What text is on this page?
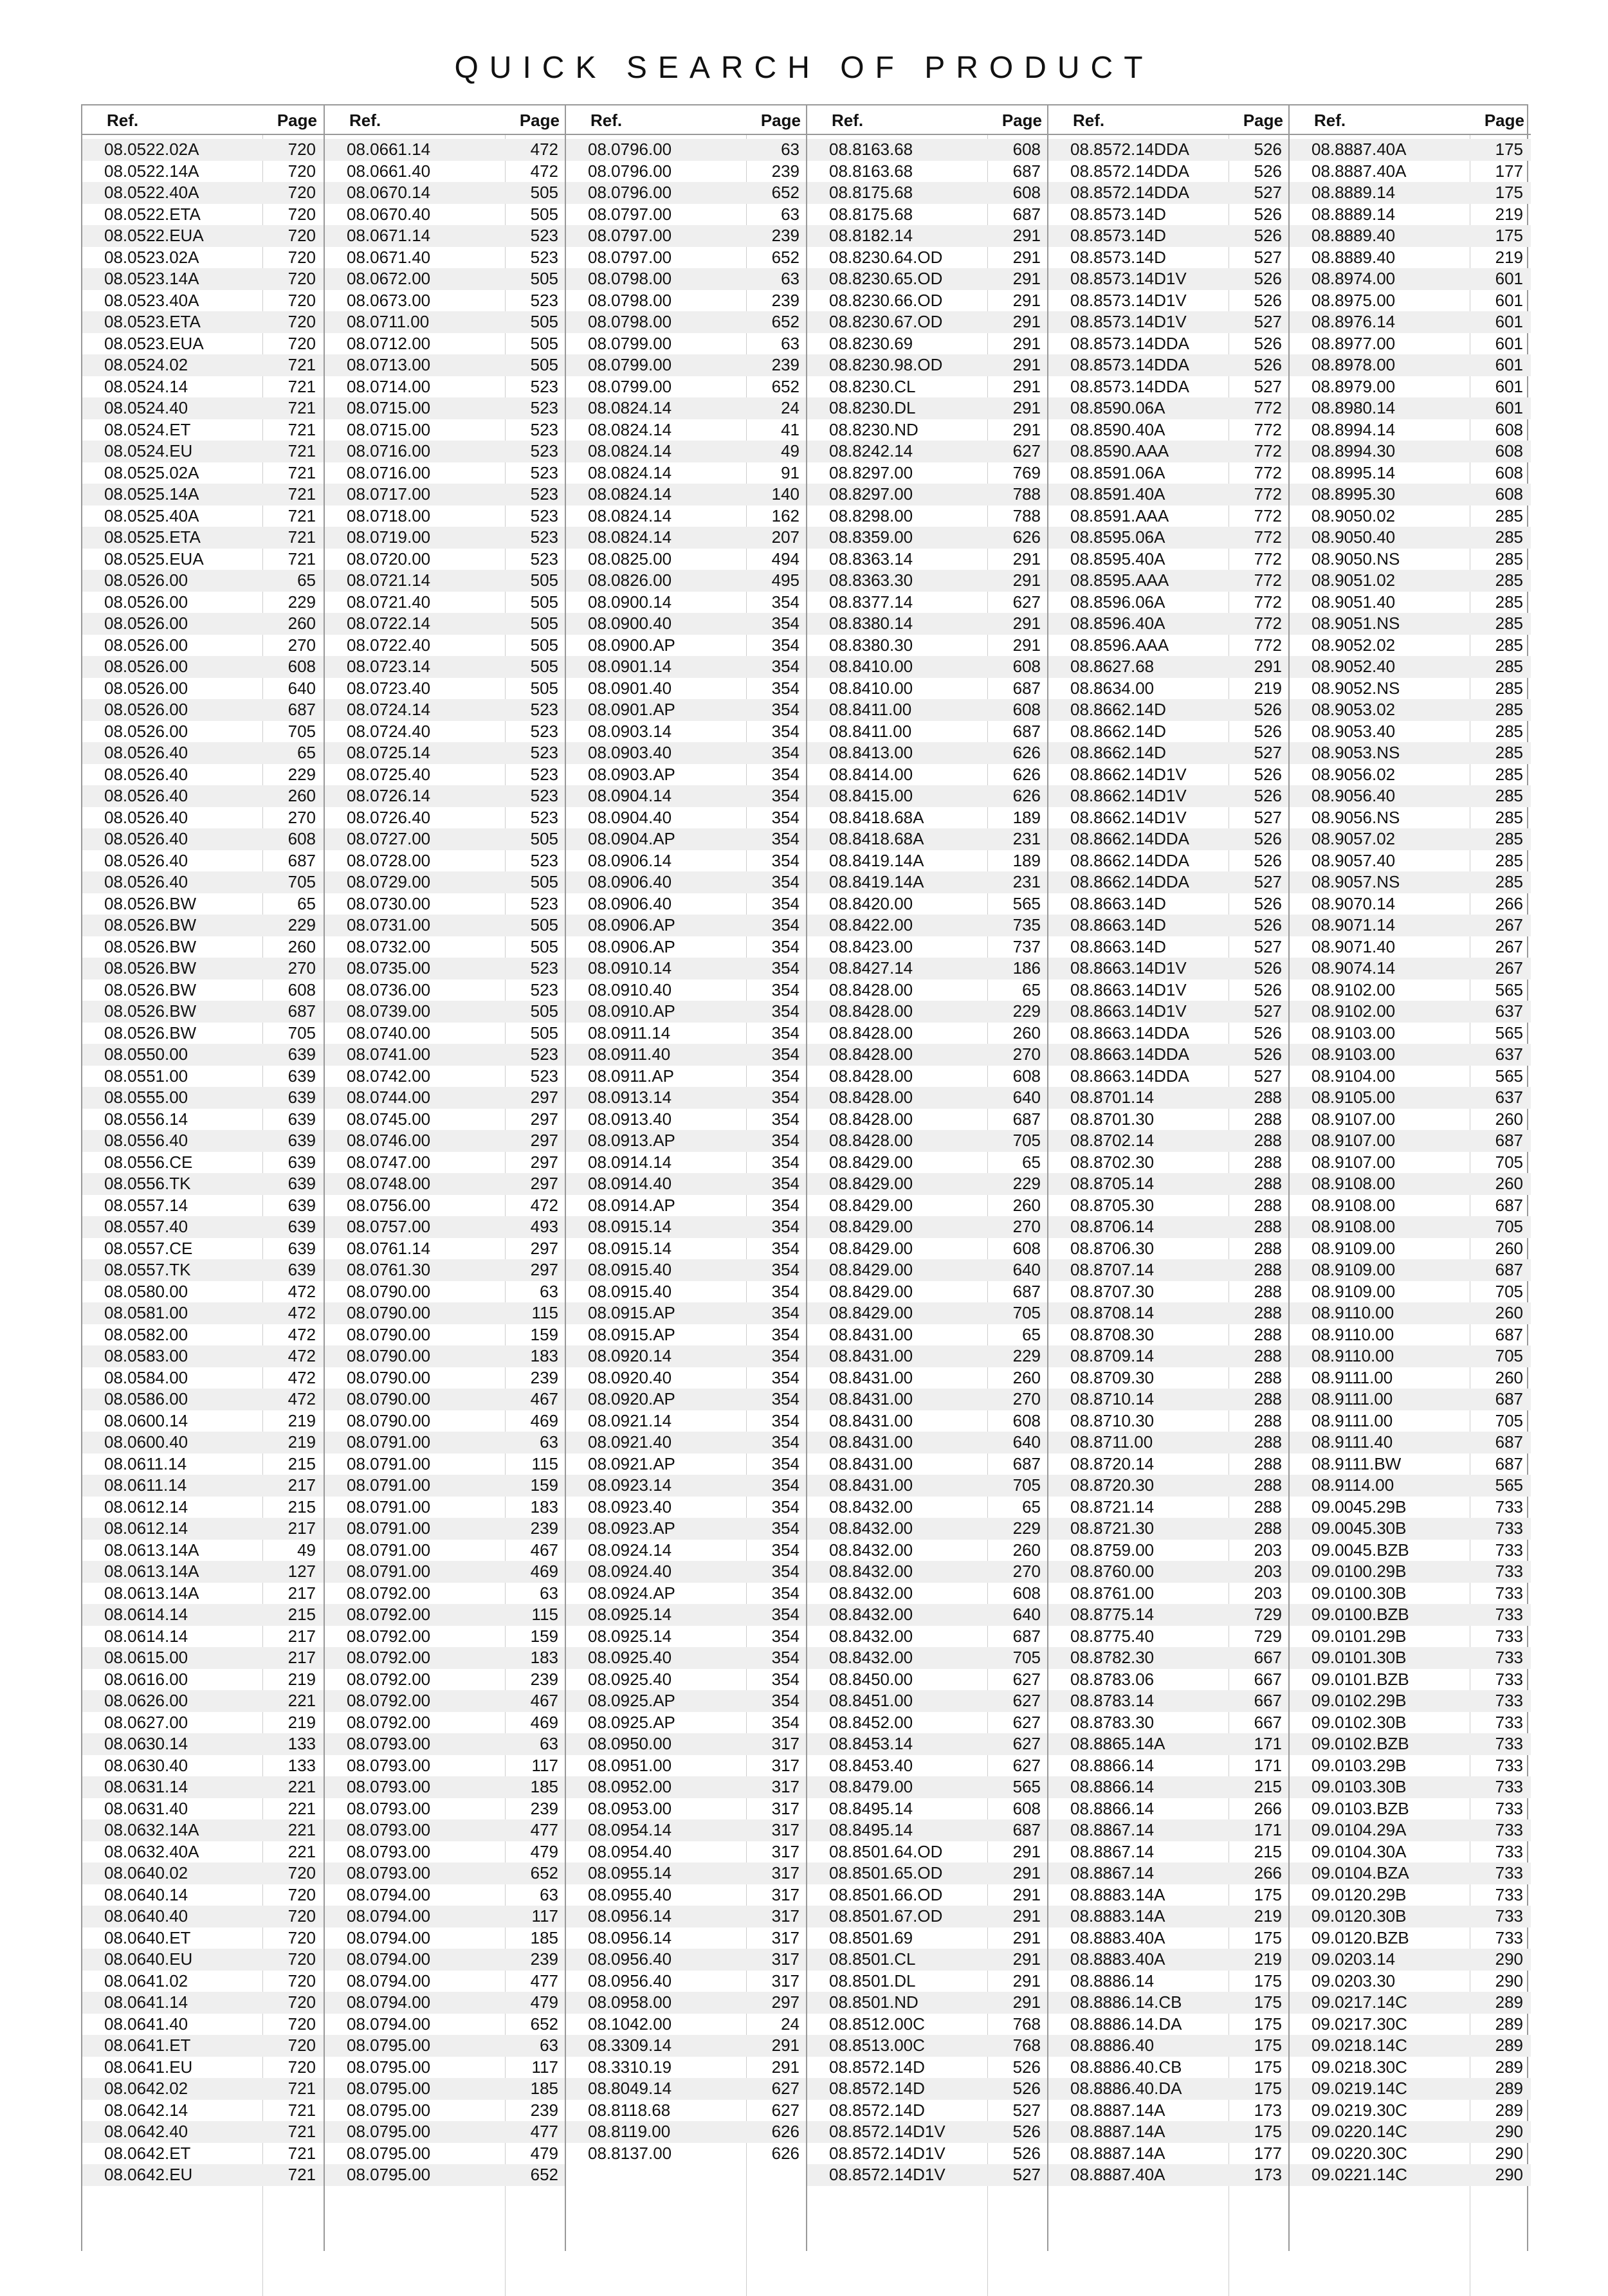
QUICK SEARCH OF PRODUCT
Ref.	Page
08.0522.02A	720
08.0522.14A	720
08.0522.40A	720
08.0522.ETA	720
08.0522.EUA	720
08.0523.02A	720
08.0523.14A	720
08.0523.40A	720
08.0523.ETA	720
08.0523.EUA	720
08.0524.02	721
08.0524.14	721
08.0524.40	721
08.0524.ET	721
08.0524.EU	721
08.0525.02A	721
08.0525.14A	721
08.0525.40A	721
08.0525.ETA	721
08.0525.EUA	721
08.0526.00	65
08.0526.00	229
08.0526.00	260
08.0526.00	270
08.0526.00	608
08.0526.00	640
08.0526.00	687
08.0526.00	705
08.0526.40	65
08.0526.40	229
08.0526.40	260
08.0526.40	270
08.0526.40	608
08.0526.40	687
08.0526.40	705
08.0526.BW	65
08.0526.BW	229
08.0526.BW	260
08.0526.BW	270
08.0526.BW	608
08.0526.BW	687
08.0526.BW	705
08.0550.00	639
08.0551.00	639
08.0555.00	639
08.0556.14	639
08.0556.40	639
08.0556.CE	639
08.0556.TK	639
08.0557.14	639
08.0557.40	639
08.0557.CE	639
08.0557.TK	639
08.0580.00	472
08.0581.00	472
08.0582.00	472
08.0583.00	472
08.0584.00	472
08.0586.00	472
08.0600.14	219
08.0600.40	219
08.0611.14	215
08.0611.14	217
08.0612.14	215
08.0612.14	217
08.0613.14A	49
08.0613.14A	127
08.0613.14A	217
08.0614.14	215
08.0614.14	217
08.0615.00	217
08.0616.00	219
08.0626.00	221
08.0627.00	219
08.0630.14	133
08.0630.40	133
08.0631.14	221
08.0631.40	221
08.0632.14A	221
08.0632.40A	221
08.0640.02	720
08.0640.14	720
08.0640.40	720
08.0640.ET	720
08.0640.EU	720
08.0641.02	720
08.0641.14	720
08.0641.40	720
08.0641.ET	720
08.0641.EU	720
08.0642.02	721
08.0642.14	721
08.0642.40	721
08.0642.ET	721
08.0642.EU	721
Ref.	Page
08.0661.14	472
08.0661.40	472
08.0670.14	505
08.0670.40	505
08.0671.14	523
08.0671.40	523
08.0672.00	505
08.0673.00	523
08.0711.00	505
08.0712.00	505
08.0713.00	505
08.0714.00	523
08.0715.00	523
08.0715.00	523
08.0716.00	523
08.0716.00	523
08.0717.00	523
08.0718.00	523
08.0719.00	523
08.0720.00	523
08.0721.14	505
08.0721.40	505
08.0722.14	505
08.0722.40	505
08.0723.14	505
08.0723.40	505
08.0724.14	523
08.0724.40	523
08.0725.14	523
08.0725.40	523
08.0726.14	523
08.0726.40	523
08.0727.00	505
08.0728.00	523
08.0729.00	505
08.0730.00	523
08.0731.00	505
08.0732.00	505
08.0735.00	523
08.0736.00	523
08.0739.00	505
08.0740.00	505
08.0741.00	523
08.0742.00	523
08.0744.00	297
08.0745.00	297
08.0746.00	297
08.0747.00	297
08.0748.00	297
08.0756.00	472
08.0757.00	493
08.0761.14	297
08.0761.30	297
08.0790.00	63
08.0790.00	115
08.0790.00	159
08.0790.00	183
08.0790.00	239
08.0790.00	467
08.0790.00	469
08.0791.00	63
08.0791.00	115
08.0791.00	159
08.0791.00	183
08.0791.00	239
08.0791.00	467
08.0791.00	469
08.0792.00	63
08.0792.00	115
08.0792.00	159
08.0792.00	183
08.0792.00	239
08.0792.00	467
08.0792.00	469
08.0793.00	63
08.0793.00	117
08.0793.00	185
08.0793.00	239
08.0793.00	477
08.0793.00	479
08.0793.00	652
08.0794.00	63
08.0794.00	117
08.0794.00	185
08.0794.00	239
08.0794.00	477
08.0794.00	479
08.0794.00	652
08.0795.00	63
08.0795.00	117
08.0795.00	185
08.0795.00	239
08.0795.00	477
08.0795.00	479
08.0795.00	652
Ref.	Page
08.0796.00	63
08.0796.00	239
08.0796.00	652
08.0797.00	63
08.0797.00	239
08.0797.00	652
08.0798.00	63
08.0798.00	239
08.0798.00	652
08.0799.00	63
08.0799.00	239
08.0799.00	652
08.0824.14	24
08.0824.14	41
08.0824.14	49
08.0824.14	91
08.0824.14	140
08.0824.14	162
08.0824.14	207
08.0825.00	494
08.0826.00	495
08.0900.14	354
08.0900.40	354
08.0900.AP	354
08.0901.14	354
08.0901.40	354
08.0901.AP	354
08.0903.14	354
08.0903.40	354
08.0903.AP	354
08.0904.14	354
08.0904.40	354
08.0904.AP	354
08.0906.14	354
08.0906.40	354
08.0906.40	354
08.0906.AP	354
08.0906.AP	354
08.0910.14	354
08.0910.40	354
08.0910.AP	354
08.0911.14	354
08.0911.40	354
08.0911.AP	354
08.0913.14	354
08.0913.40	354
08.0913.AP	354
08.0914.14	354
08.0914.40	354
08.0914.AP	354
08.0915.14	354
08.0915.14	354
08.0915.40	354
08.0915.40	354
08.0915.AP	354
08.0915.AP	354
08.0920.14	354
08.0920.40	354
08.0920.AP	354
08.0921.14	354
08.0921.40	354
08.0921.AP	354
08.0923.14	354
08.0923.40	354
08.0923.AP	354
08.0924.14	354
08.0924.40	354
08.0924.AP	354
08.0925.14	354
08.0925.14	354
08.0925.40	354
08.0925.40	354
08.0925.AP	354
08.0925.AP	354
08.0950.00	317
08.0951.00	317
08.0952.00	317
08.0953.00	317
08.0954.14	317
08.0954.40	317
08.0955.14	317
08.0955.40	317
08.0956.14	317
08.0956.14	317
08.0956.40	317
08.0956.40	317
08.0958.00	297
08.1042.00	24
08.3309.14	291
08.3310.19	291
08.8049.14	627
08.8118.68	627
08.8119.00	626
08.8137.00	626
Ref.	Page
08.8163.68	608
08.8163.68	687
08.8175.68	608
08.8175.68	687
08.8182.14	291
08.8230.64.OD	291
08.8230.65.OD	291
08.8230.66.OD	291
08.8230.67.OD	291
08.8230.69	291
08.8230.98.OD	291
08.8230.CL	291
08.8230.DL	291
08.8230.ND	291
08.8242.14	627
08.8297.00	769
08.8297.00	788
08.8298.00	788
08.8359.00	626
08.8363.14	291
08.8363.30	291
08.8377.14	627
08.8380.14	291
08.8380.30	291
08.8410.00	608
08.8410.00	687
08.8411.00	608
08.8411.00	687
08.8413.00	626
08.8414.00	626
08.8415.00	626
08.8418.68A	189
08.8418.68A	231
08.8419.14A	189
08.8419.14A	231
08.8420.00	565
08.8422.00	735
08.8423.00	737
08.8427.14	186
08.8428.00	65
08.8428.00	229
08.8428.00	260
08.8428.00	270
08.8428.00	608
08.8428.00	640
08.8428.00	687
08.8428.00	705
08.8429.00	65
08.8429.00	229
08.8429.00	260
08.8429.00	270
08.8429.00	608
08.8429.00	640
08.8429.00	687
08.8429.00	705
08.8431.00	65
08.8431.00	229
08.8431.00	260
08.8431.00	270
08.8431.00	608
08.8431.00	640
08.8431.00	687
08.8431.00	705
08.8432.00	65
08.8432.00	229
08.8432.00	260
08.8432.00	270
08.8432.00	608
08.8432.00	640
08.8432.00	687
08.8432.00	705
08.8450.00	627
08.8451.00	627
08.8452.00	627
08.8453.14	627
08.8453.40	627
08.8479.00	565
08.8495.14	608
08.8495.14	687
08.8501.64.OD	291
08.8501.65.OD	291
08.8501.66.OD	291
08.8501.67.OD	291
08.8501.69	291
08.8501.CL	291
08.8501.DL	291
08.8501.ND	291
08.8512.00C	768
08.8513.00C	768
08.8572.14D	526
08.8572.14D	526
08.8572.14D	527
08.8572.14D1V	526
08.8572.14D1V	526
08.8572.14D1V	527
Ref.	Page
08.8572.14DDA	526
08.8572.14DDA	526
08.8572.14DDA	527
08.8573.14D	526
08.8573.14D	526
08.8573.14D	527
08.8573.14D1V	526
08.8573.14D1V	526
08.8573.14D1V	527
08.8573.14DDA	526
08.8573.14DDA	526
08.8573.14DDA	527
08.8590.06A	772
08.8590.40A	772
08.8590.AAA	772
08.8591.06A	772
08.8591.40A	772
08.8591.AAA	772
08.8595.06A	772
08.8595.40A	772
08.8595.AAA	772
08.8596.06A	772
08.8596.40A	772
08.8596.AAA	772
08.8627.68	291
08.8634.00	219
08.8662.14D	526
08.8662.14D	526
08.8662.14D	527
08.8662.14D1V	526
08.8662.14D1V	526
08.8662.14D1V	527
08.8662.14DDA	526
08.8662.14DDA	526
08.8662.14DDA	527
08.8663.14D	526
08.8663.14D	526
08.8663.14D	527
08.8663.14D1V	526
08.8663.14D1V	526
08.8663.14D1V	527
08.8663.14DDA	526
08.8663.14DDA	526
08.8663.14DDA	527
08.8701.14	288
08.8701.30	288
08.8702.14	288
08.8702.30	288
08.8705.14	288
08.8705.30	288
08.8706.14	288
08.8706.30	288
08.8707.14	288
08.8707.30	288
08.8708.14	288
08.8708.30	288
08.8709.14	288
08.8709.30	288
08.8710.14	288
08.8710.30	288
08.8711.00	288
08.8720.14	288
08.8720.30	288
08.8721.14	288
08.8721.30	288
08.8759.00	203
08.8760.00	203
08.8761.00	203
08.8775.14	729
08.8775.40	729
08.8782.30	667
08.8783.06	667
08.8783.14	667
08.8783.30	667
08.8865.14A	171
08.8866.14	171
08.8866.14	215
08.8866.14	266
08.8867.14	171
08.8867.14	215
08.8867.14	266
08.8883.14A	175
08.8883.14A	219
08.8883.40A	175
08.8883.40A	219
08.8886.14	175
08.8886.14.CB	175
08.8886.14.DA	175
08.8886.40	175
08.8886.40.CB	175
08.8886.40.DA	175
08.8887.14A	173
08.8887.14A	175
08.8887.14A	177
08.8887.40A	173
Ref.	Page
08.8887.40A	175
08.8887.40A	177
08.8889.14	175
08.8889.14	219
08.8889.40	175
08.8889.40	219
08.8974.00	601
08.8975.00	601
08.8976.14	601
08.8977.00	601
08.8978.00	601
08.8979.00	601
08.8980.14	601
08.8994.14	608
08.8994.30	608
08.8995.14	608
08.8995.30	608
08.9050.02	285
08.9050.40	285
08.9050.NS	285
08.9051.02	285
08.9051.40	285
08.9051.NS	285
08.9052.02	285
08.9052.40	285
08.9052.NS	285
08.9053.02	285
08.9053.40	285
08.9053.NS	285
08.9056.02	285
08.9056.40	285
08.9056.NS	285
08.9057.02	285
08.9057.40	285
08.9057.NS	285
08.9070.14	266
08.9071.14	267
08.9071.40	267
08.9074.14	267
08.9102.00	565
08.9102.00	637
08.9103.00	565
08.9103.00	637
08.9104.00	565
08.9105.00	637
08.9107.00	260
08.9107.00	687
08.9107.00	705
08.9108.00	260
08.9108.00	687
08.9108.00	705
08.9109.00	260
08.9109.00	687
08.9109.00	705
08.9110.00	260
08.9110.00	687
08.9110.00	705
08.9111.00	260
08.9111.00	687
08.9111.00	705
08.9111.40	687
08.9111.BW	687
08.9114.00	565
09.0045.29B	733
09.0045.30B	733
09.0045.BZB	733
09.0100.29B	733
09.0100.30B	733
09.0100.BZB	733
09.0101.29B	733
09.0101.30B	733
09.0101.BZB	733
09.0102.29B	733
09.0102.30B	733
09.0102.BZB	733
09.0103.29B	733
09.0103.30B	733
09.0103.BZB	733
09.0104.29A	733
09.0104.30A	733
09.0104.BZA	733
09.0120.29B	733
09.0120.30B	733
09.0120.BZB	733
09.0203.14	290
09.0203.30	290
09.0217.14C	289
09.0217.30C	289
09.0218.14C	289
09.0218.30C	289
09.0219.14C	289
09.0219.30C	289
09.0220.14C	290
09.0220.30C	290
09.0221.14C	290
